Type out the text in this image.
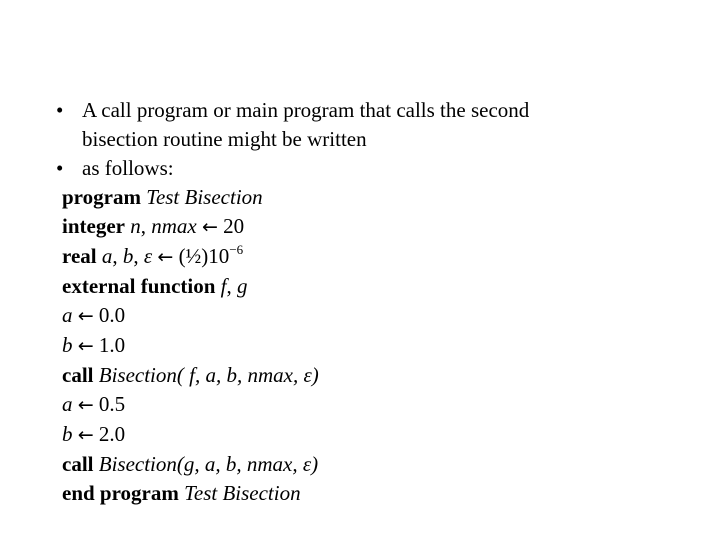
• A call program or main program that calls the second
bisection routine might be written
• as follows:
program Test Bisection
integer n, nmax ← 20
real a, b, ε ← $(\frac{1}{2})10^{-6}$
external function f, g
a ← 0.0
b ← 1.0
call Bisection( f, a, b, nmax, ε)
a ← 0.5
b ← 2.0
call Bisection(g, a, b, nmax, ε)
end program Test Bisection
